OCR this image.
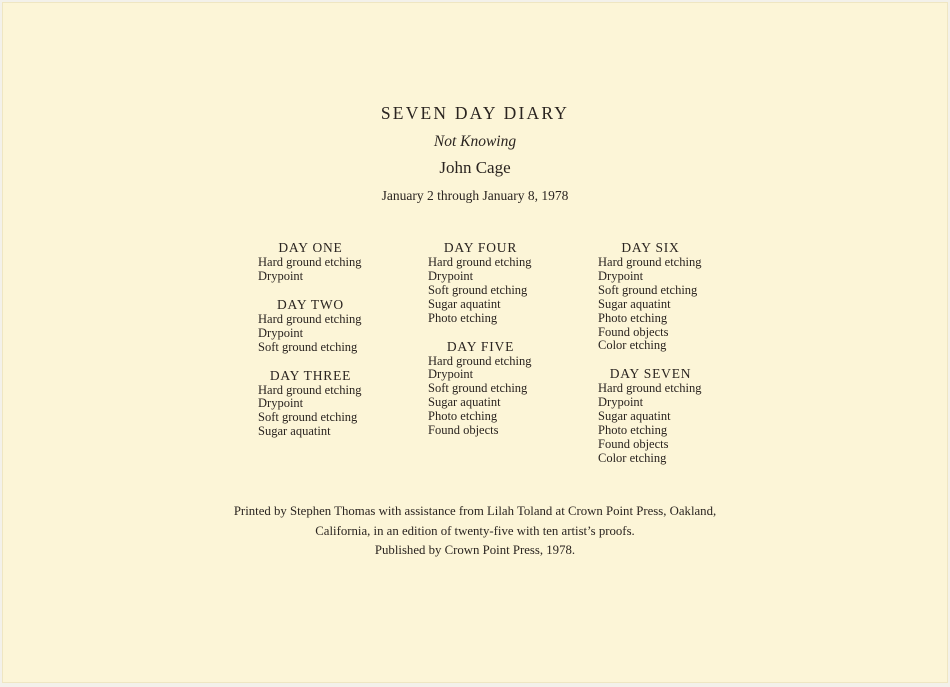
SEVEN DAY DIARY
Not Knowing
John Cage
January 2 through January 8, 1978
DAY ONE
Hard ground etching
Drypoint
DAY TWO
Hard ground etching
Drypoint
Soft ground etching
DAY THREE
Hard ground etching
Drypoint
Soft ground etching
Sugar aquatint
DAY FOUR
Hard ground etching
Drypoint
Soft ground etching
Sugar aquatint
Photo etching
DAY FIVE
Hard ground etching
Drypoint
Soft ground etching
Sugar aquatint
Photo etching
Found objects
DAY SIX
Hard ground etching
Drypoint
Soft ground etching
Sugar aquatint
Photo etching
Found objects
Color etching
DAY SEVEN
Hard ground etching
Drypoint
Sugar aquatint
Photo etching
Found objects
Color etching
Printed by Stephen Thomas with assistance from Lilah Toland at Crown Point Press, Oakland,
California, in an edition of twenty-five with ten artist’s proofs.
Published by Crown Point Press, 1978.
